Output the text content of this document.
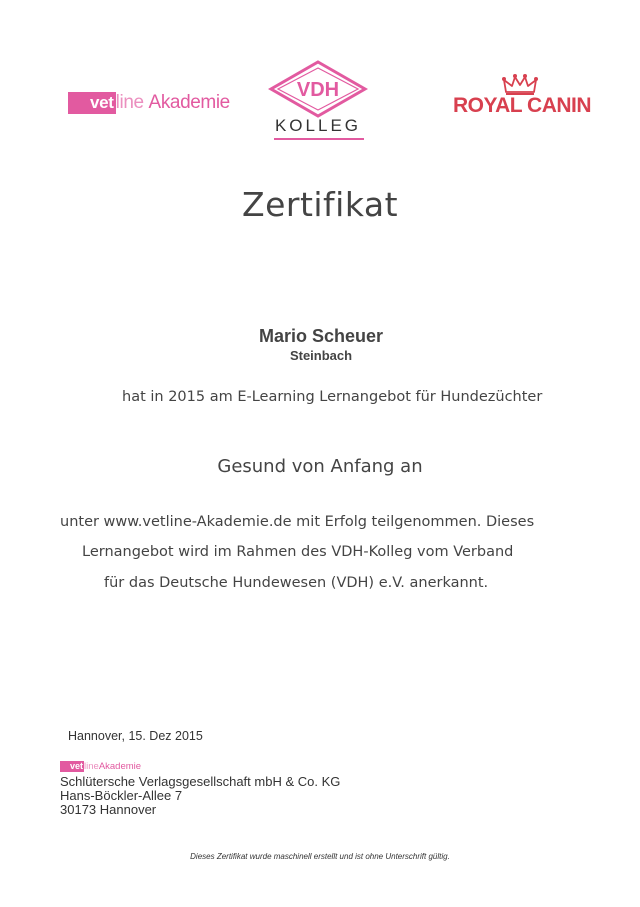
vet line Akademie
VDH
KOLLEG
ROYAL CANIN
Zertifikat
Mario Scheuer
Steinbach
hat in 2015 am E-Learning Lernangebot für Hundezüchter
Gesund von Anfang an
unter www.vetline-Akademie.de mit Erfolg teilgenommen. Dieses
Lernangebot wird im Rahmen des VDH-Kolleg vom Verband
für das Deutsche Hundewesen (VDH) e.V. anerkannt.
Hannover, 15. Dez 2015
vet lineAkademie
Schlütersche Verlagsgesellschaft mbH & Co. KG
Hans-Böckler-Allee 7
30173 Hannover
Dieses Zertifikat wurde maschinell erstellt und ist ohne Unterschrift gültig.
